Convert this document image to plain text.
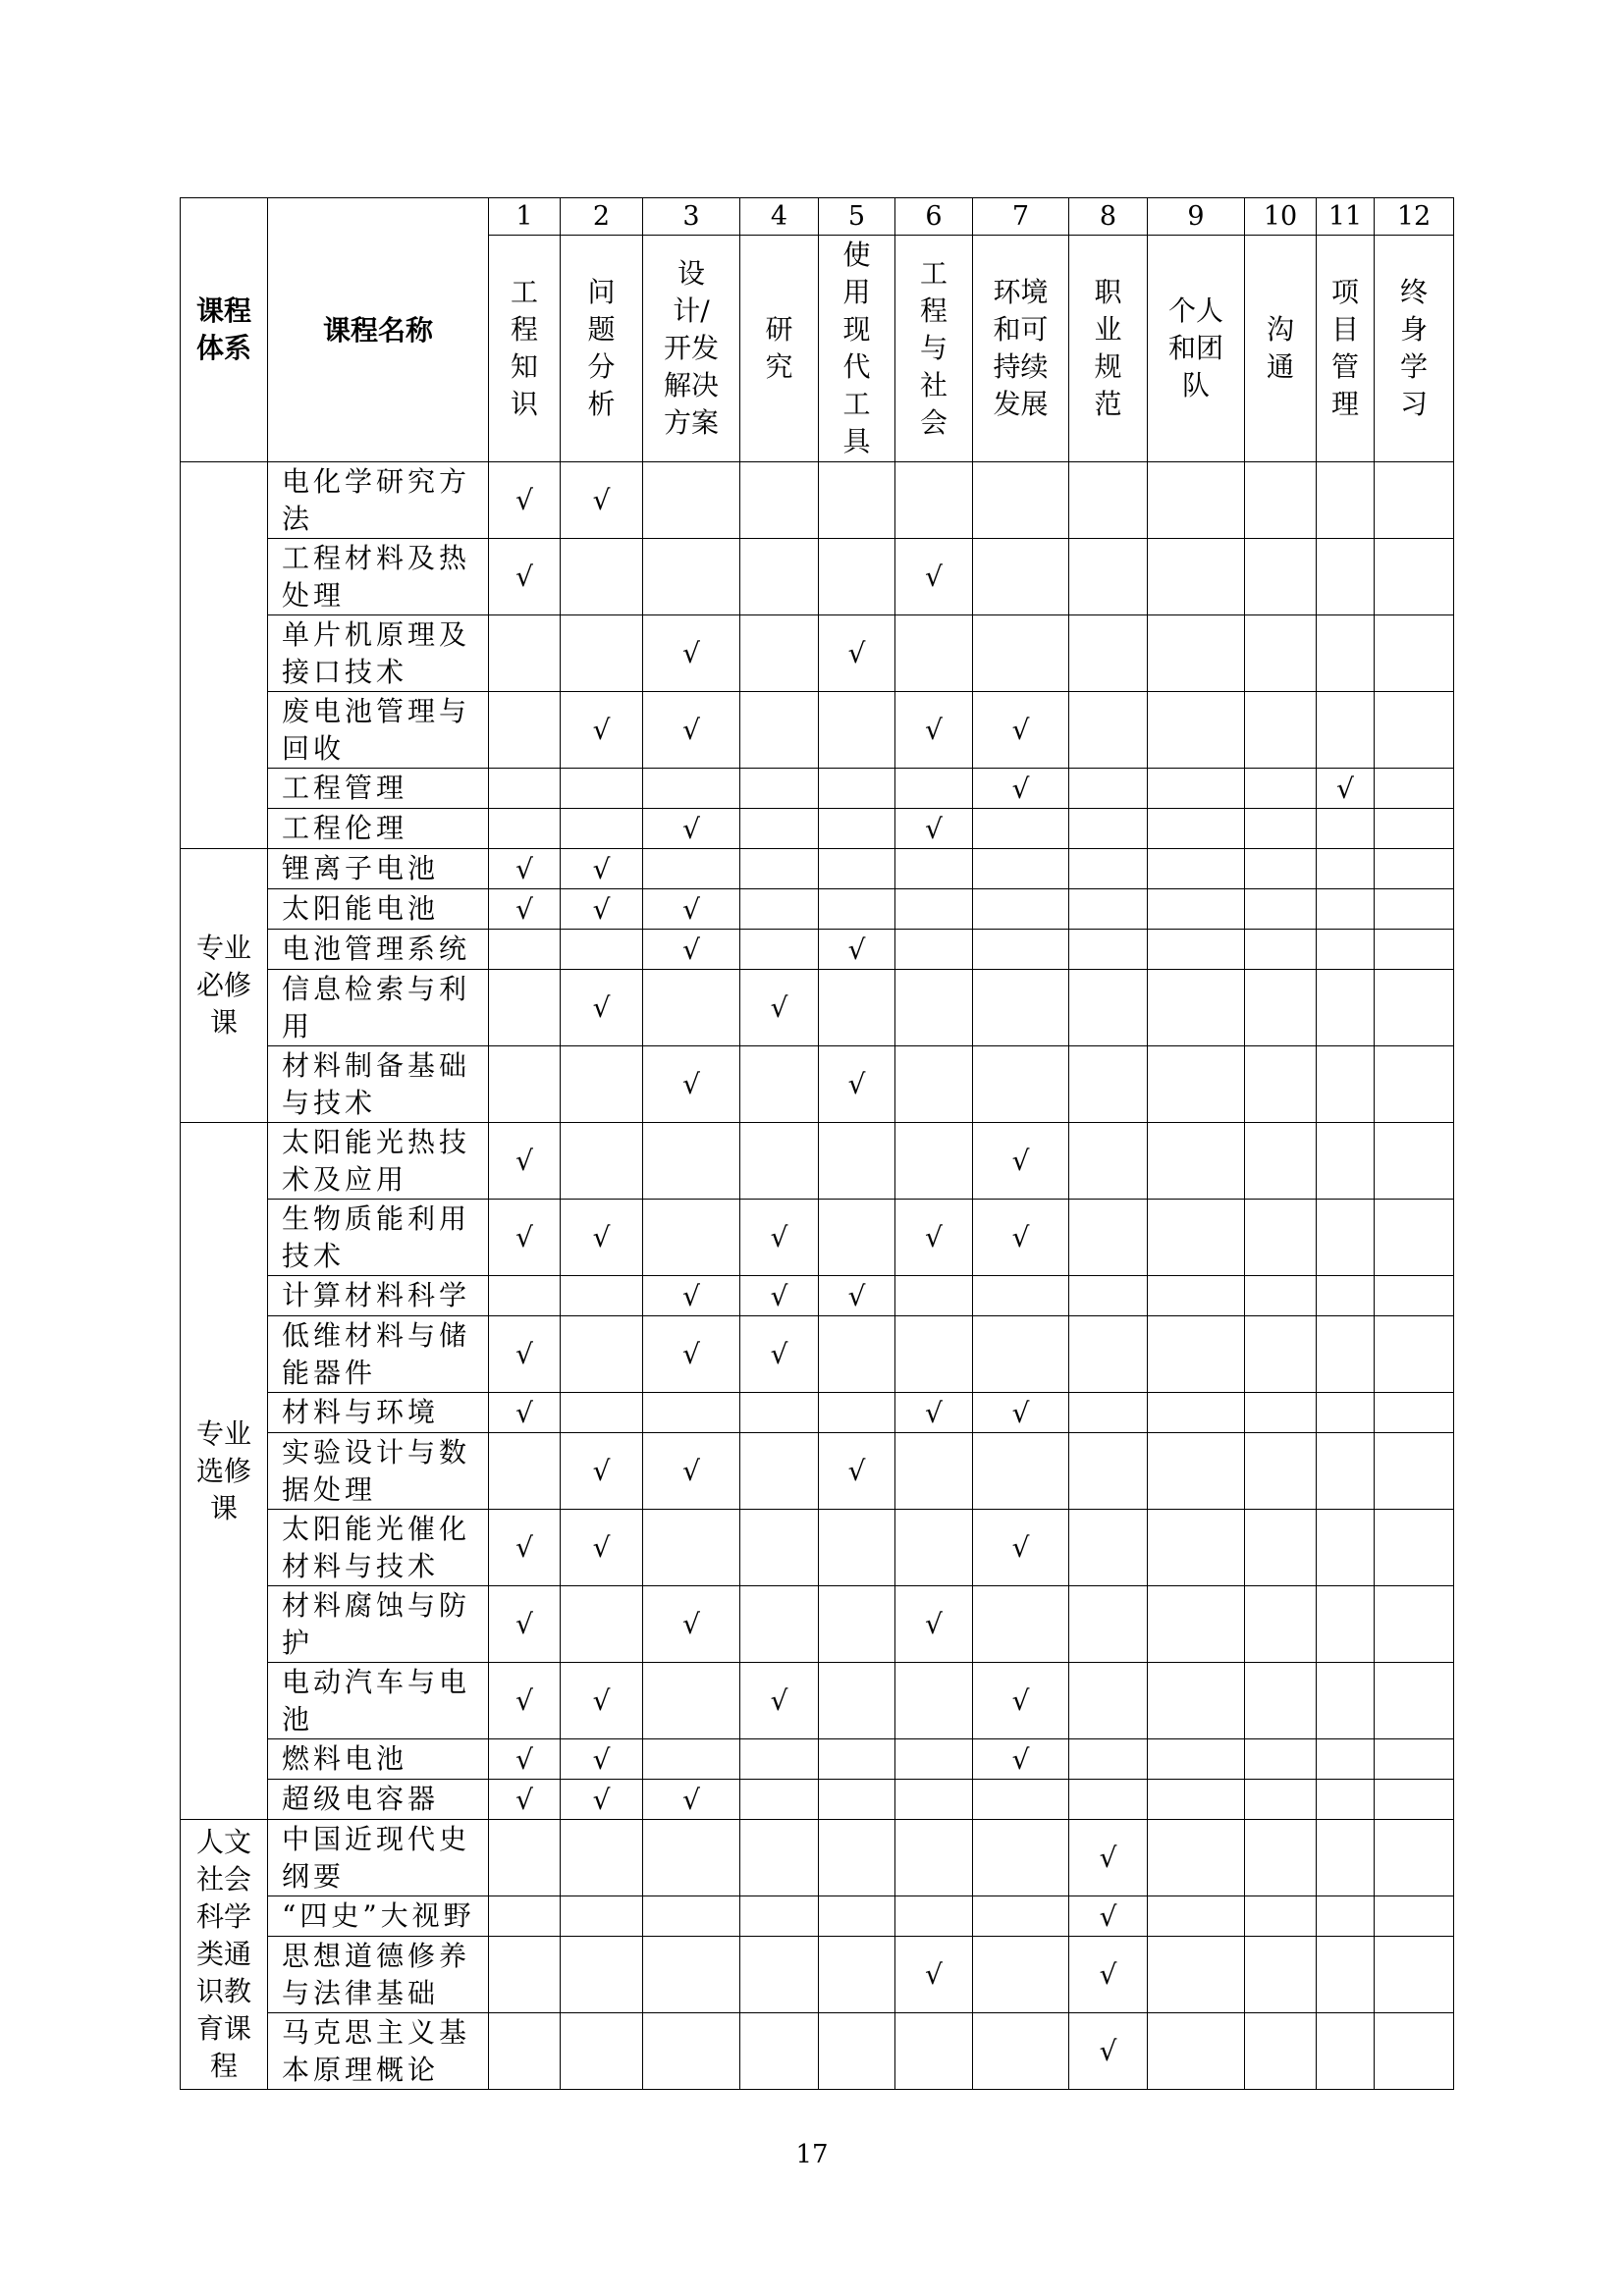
课程体系	课程名称	1	2	3	4	5	6	7	8	9	10	11	12
		工程知识	问题分析	设计/开发解决方案	研究	使用现代工具	工程与社会	环境和可持续发展	职业规范	个人和团队	沟通	项目管理	终身学习
	电化学研究方法	√	√										
	工程材料及热处理	√					√						
	单片机原理及接口技术			√		√							
	废电池管理与回收		√	√			√	√					
	工程管理							√				√	
	工程伦理			√			√						
专业必修课	锂离子电池	√	√										
	太阳能电池	√	√	√									
	电池管理系统			√		√							
	信息检索与利用		√		√								
	材料制备基础与技术			√		√							
专业选修课	太阳能光热技术及应用	√						√					
	生物质能利用技术	√	√		√		√	√					
	计算材料科学			√	√	√							
	低维材料与储能器件	√		√	√								
	材料与环境	√					√	√					
	实验设计与数据处理		√	√		√							
	太阳能光催化材料与技术	√	√					√					
	材料腐蚀与防护	√		√			√						
	电动汽车与电池	√	√		√			√					
	燃料电池	√	√					√					
	超级电容器	√	√	√									
人文社会科学类通识教育课程	中国近现代史纲要								√				
	“四史”大视野								√				
	思想道德修养与法律基础						√		√				
	马克思主义基本原理概论								√				
17
